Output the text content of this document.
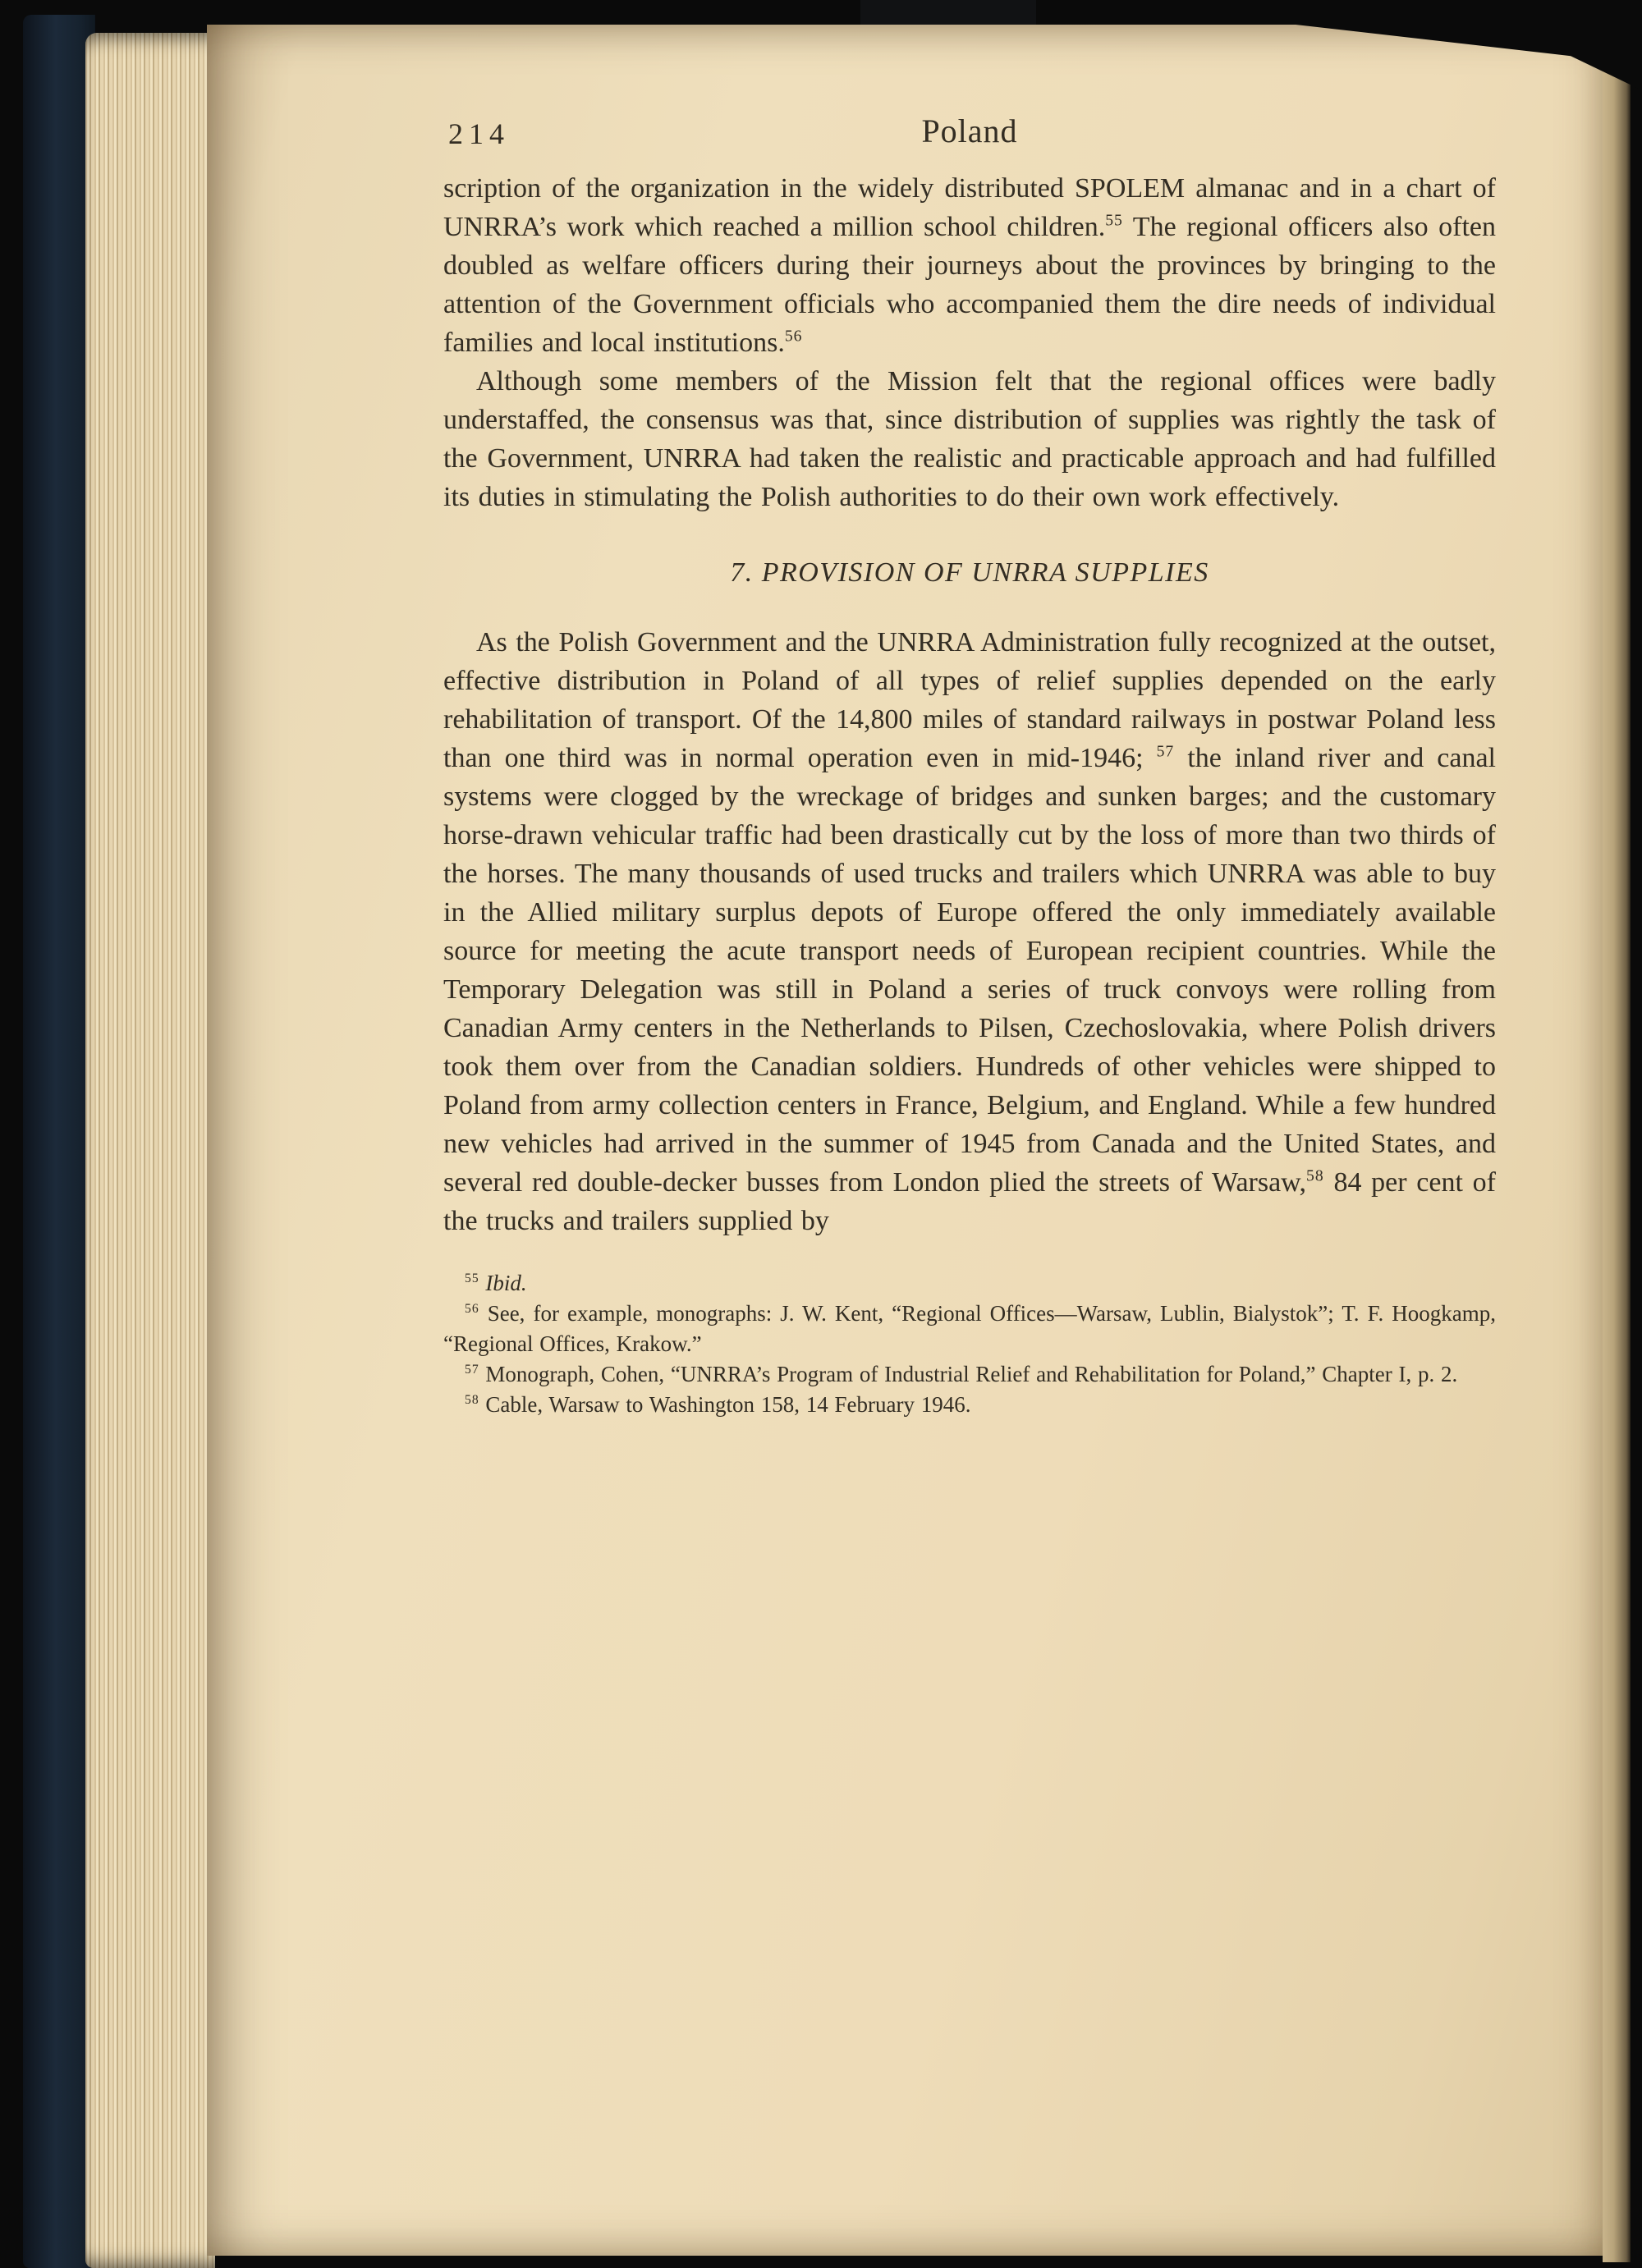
214	Poland

scription of the organization in the widely distributed SPOLEM almanac and in a chart of UNRRA’s work which reached a million school children.$^{55}$ The regional officers also often doubled as welfare officers during their journeys about the provinces by bringing to the attention of the Government officials who accompanied them the dire needs of individual families and local institutions.$^{56}$

Although some members of the Mission felt that the regional offices were badly understaffed, the consensus was that, since distribution of supplies was rightly the task of the Government, UNRRA had taken the realistic and practicable approach and had fulfilled its duties in stimulating the Polish authorities to do their own work effectively.

7. PROVISION OF UNRRA SUPPLIES

As the Polish Government and the UNRRA Administration fully recognized at the outset, effective distribution in Poland of all types of relief supplies depended on the early rehabilitation of transport. Of the 14,800 miles of standard railways in postwar Poland less than one third was in normal operation even in mid-1946; $^{57}$ the inland river and canal systems were clogged by the wreckage of bridges and sunken barges; and the customary horse-drawn vehicular traffic had been drastically cut by the loss of more than two thirds of the horses. The many thousands of used trucks and trailers which UNRRA was able to buy in the Allied military surplus depots of Europe offered the only immediately available source for meeting the acute transport needs of European recipient countries. While the Temporary Delegation was still in Poland a series of truck convoys were rolling from Canadian Army centers in the Netherlands to Pilsen, Czechoslovakia, where Polish drivers took them over from the Canadian soldiers. Hundreds of other vehicles were shipped to Poland from army collection centers in France, Belgium, and England. While a few hundred new vehicles had arrived in the summer of 1945 from Canada and the United States, and several red double-decker busses from London plied the streets of Warsaw,$^{58}$ 84 per cent of the trucks and trailers supplied by

$^{55}$ Ibid.

$^{56}$ See, for example, monographs: J. W. Kent, “Regional Offices—Warsaw, Lublin, Bialystok”; T. F. Hoogkamp, “Regional Offices, Krakow.”

$^{57}$ Monograph, Cohen, “UNRRA’s Program of Industrial Relief and Rehabilitation for Poland,” Chapter I, p. 2.

$^{58}$ Cable, Warsaw to Washington 158, 14 February 1946.
